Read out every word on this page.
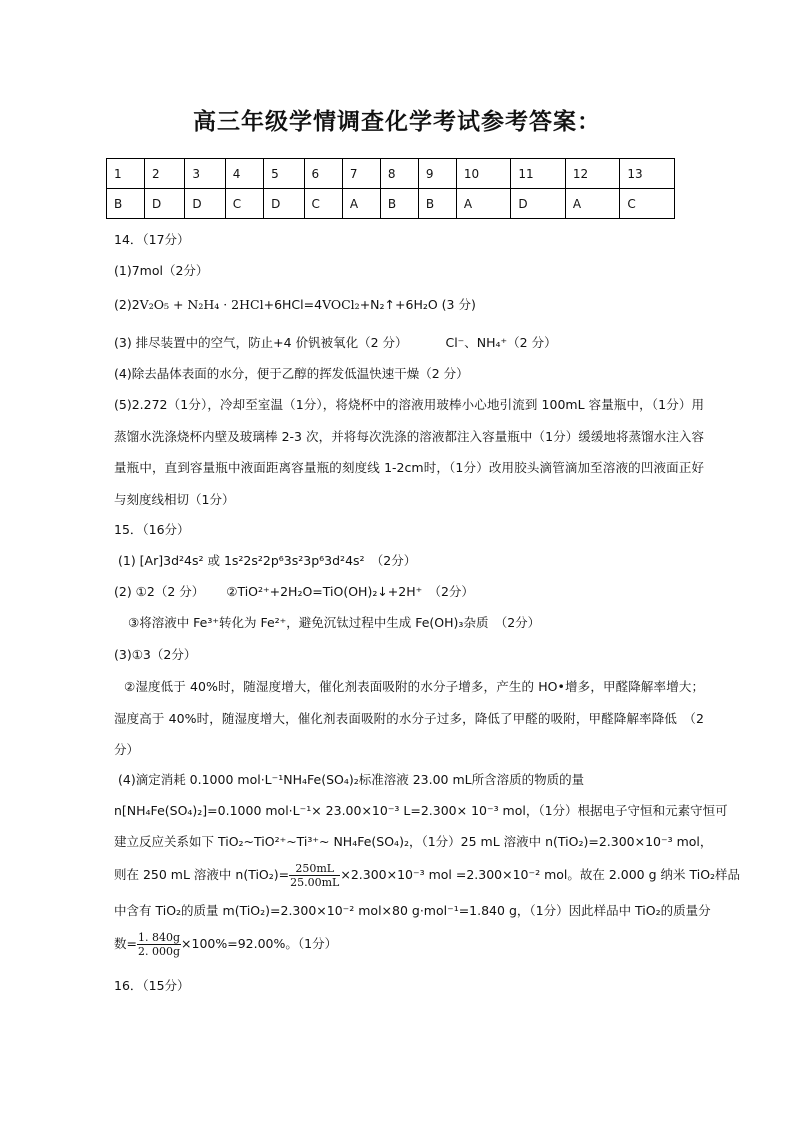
高三年级学情调查化学考试参考答案：
1	2	3	4	5	6	7	8	9	10	11	12	13
B	D	D	C	D	C	A	B	B	A	D	A	C
14．（17分）
(1)7mol（2分）
(2)2V₂O₅ + N₂H₄ · 2HCl+6HCl=4VOCl₂+N₂↑+6H₂O (3 分)
(3) 排尽装置中的空气，防止+4 价钒被氧化（2 分）	Cl⁻、NH₄⁺（2 分）
(4)除去晶体表面的水分，便于乙醇的挥发低温快速干燥（2 分）
(5)2.272（1分），冷却至室温（1分），将烧杯中的溶液用玻棒小心地引流到 100mL 容量瓶中，（1分）用蒸馏水洗涤烧杯内壁及玻璃棒 2-3 次，并将每次洗涤的溶液都注入容量瓶中（1分）缓缓地将蒸馏水注入容量瓶中，直到容量瓶中液面距离容量瓶的刻度线 1-2cm时，（1分）改用胶头滴管滴加至溶液的凹液面正好与刻度线相切（1分）
15．（16分）
(1) [Ar]3d²4s² 或 1s²2s²2p⁶3s²3p⁶3d²4s²　（2分）
(2) ①2（2 分） ②TiO²⁺+2H₂O=TiO(OH)₂↓+2H⁺　（2分）
③将溶液中 Fe³⁺转化为 Fe²⁺，避免沉钛过程中生成 Fe(OH)₃杂质　（2分）
(3)①3（2分）
②湿度低于 40%时，随湿度增大，催化剂表面吸附的水分子增多，产生的 HO•增多，甲醛降解率增大；湿度高于 40%时，随湿度增大，催化剂表面吸附的水分子过多，降低了甲醛的吸附，甲醛降解率降低　（2分）
(4)滴定消耗 0.1000 mol·L⁻¹NH₄Fe(SO₄)₂标准溶液 23.00 mL所含溶质的物质的量
n[NH₄Fe(SO₄)₂]=0.1000 mol·L⁻¹× 23.00×10⁻³ L=2.300× 10⁻³ mol，（1分）根据电子守恒和元素守恒可
建立反应关系如下 TiO₂~TiO²⁺~Ti³⁺~ NH₄Fe(SO₄)₂，（1分）25 mL 溶液中 n(TiO₂)=2.300×10⁻³ mol，
则在 250 mL 溶液中 $n(TiO_2)= \frac{250mL}{25.00mL} \times 2.300\times 10^{-3}$ mol =2.300×10⁻² mol。故在 2.000 g 纳米 TiO₂样品
中含有 TiO₂的质量 m(TiO₂)=2.300×10⁻² mol×80 g·mol⁻¹=1.840 g，（1分）因此样品中 TiO₂的质量分
数= $\frac{1. 840g}{2. 000g} \times 100\%=92.00\%$。（1分）
16．（15分）
